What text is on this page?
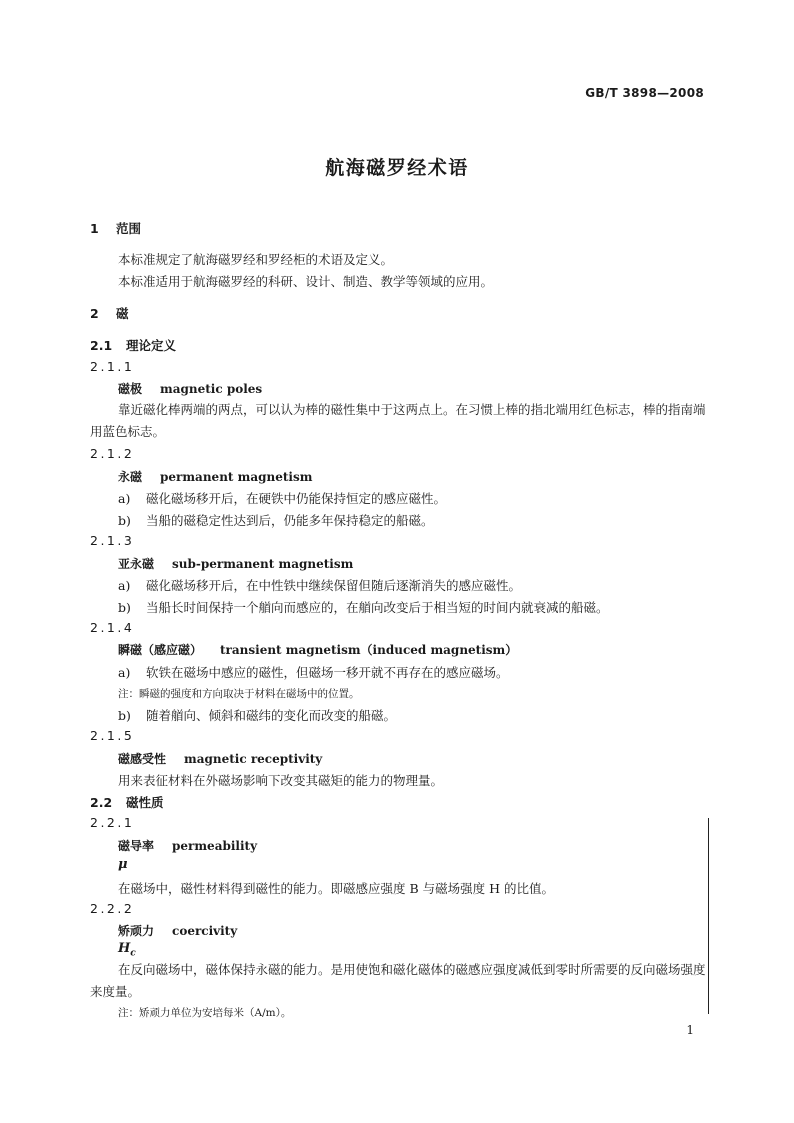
GB/T 3898—2008
航海磁罗经术语
1 范围
本标准规定了航海磁罗经和罗经柜的术语及定义。
本标准适用于航海磁罗经的科研、设计、制造、教学等领域的应用。
2 磁
2.1 理论定义
2.1.1
磁极 magnetic poles
靠近磁化棒两端的两点，可以认为棒的磁性集中于这两点上。在习惯上棒的指北端用红色标志，棒的指南端用蓝色标志。
2.1.2
永磁 permanent magnetism
a) 磁化磁场移开后，在硬铁中仍能保持恒定的感应磁性。
b) 当船的磁稳定性达到后，仍能多年保持稳定的船磁。
2.1.3
亚永磁 sub-permanent magnetism
a) 磁化磁场移开后，在中性铁中继续保留但随后逐渐消失的感应磁性。
b) 当船长时间保持一个艏向而感应的，在艏向改变后于相当短的时间内就衰减的船磁。
2.1.4
瞬磁（感应磁） transient magnetism（induced magnetism）
a) 软铁在磁场中感应的磁性，但磁场一移开就不再存在的感应磁场。
注：瞬磁的强度和方向取决于材料在磁场中的位置。
b) 随着艏向、倾斜和磁纬的变化而改变的船磁。
2.1.5
磁感受性 magnetic receptivity
用来表征材料在外磁场影响下改变其磁矩的能力的物理量。
2.2 磁性质
2.2.1
磁导率 permeability
μ
在磁场中，磁性材料得到磁性的能力。即磁感应强度 B 与磁场强度 H 的比值。
2.2.2
矫顽力 coercivity
$H_c$
在反向磁场中，磁体保持永磁的能力。是用使饱和磁化磁体的磁感应强度减低到零时所需要的反向磁场强度来度量。
注：矫顽力单位为安培每米（A/m）。
1
